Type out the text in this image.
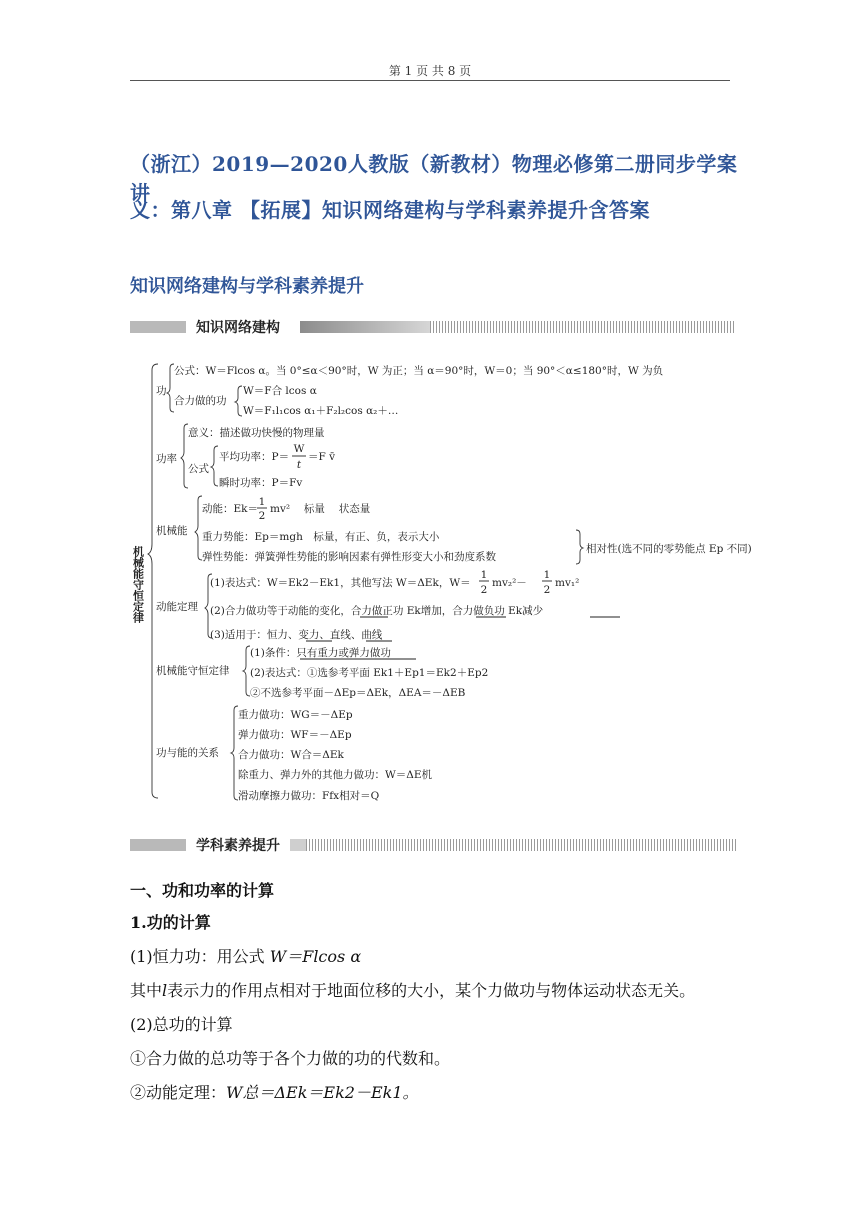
第 1 页 共 8 页
（浙江）2019—2020人教版（新教材）物理必修第二册同步学案讲
义：第八章 【拓展】知识网络建构与学科素养提升含答案
知识网络建构与学科素养提升
知识网络建构
机械能守恒定律
功
公式：W＝Flcos α。当 0°≤α＜90°时，W 为正；当 α＝90°时，W＝0；当 90°＜α≤180°时，W 为负
合力做的功
W＝F合 lcos α
W＝F₁l₁cos α₁＋F₂l₂cos α₂＋…
功率
意义：描述做功快慢的物理量
公式
平均功率：P＝
W
t
＝F v̄
瞬时功率：P＝Fv
机械能
动能：Ek＝
1
2
mv²　 标量　 状态量
重力势能：Ep＝mgh　标量，有正、负，表示大小
弹性势能：弹簧弹性势能的影响因素有弹性形变大小和劲度系数
相对性(选不同的零势能点 Ep 不同)
动能定理
(1)表达式：W＝Ek2－Ek1，其他写法 W＝ΔEk，W＝
1
2
mv₂²－
1
2
mv₁²
(2)合力做功等于动能的变化，合力做正功 Ek增加，合力做负功 Ek减少
(3)适用于：恒力、变力、直线、曲线
机械能守恒定律
(1)条件：只有重力或弹力做功
(2)表达式：①选参考平面 Ek1＋Ep1＝Ek2＋Ep2
②不选参考平面－ΔEp＝ΔEk，ΔEA＝－ΔEB
功与能的关系
重力做功：WG＝－ΔEp
弹力做功：WF＝－ΔEp
合力做功：W合＝ΔEk
除重力、弹力外的其他力做功：W＝ΔE机
滑动摩擦力做功：Ffx相对＝Q
学科素养提升
一、功和功率的计算
1.功的计算
(1)恒力功：用公式 W＝Flcos α
其中l表示力的作用点相对于地面位移的大小，某个力做功与物体运动状态无关。
(2)总功的计算
①合力做的总功等于各个力做的功的代数和。
②动能定理：W总＝ΔEk＝Ek2－Ek1。
